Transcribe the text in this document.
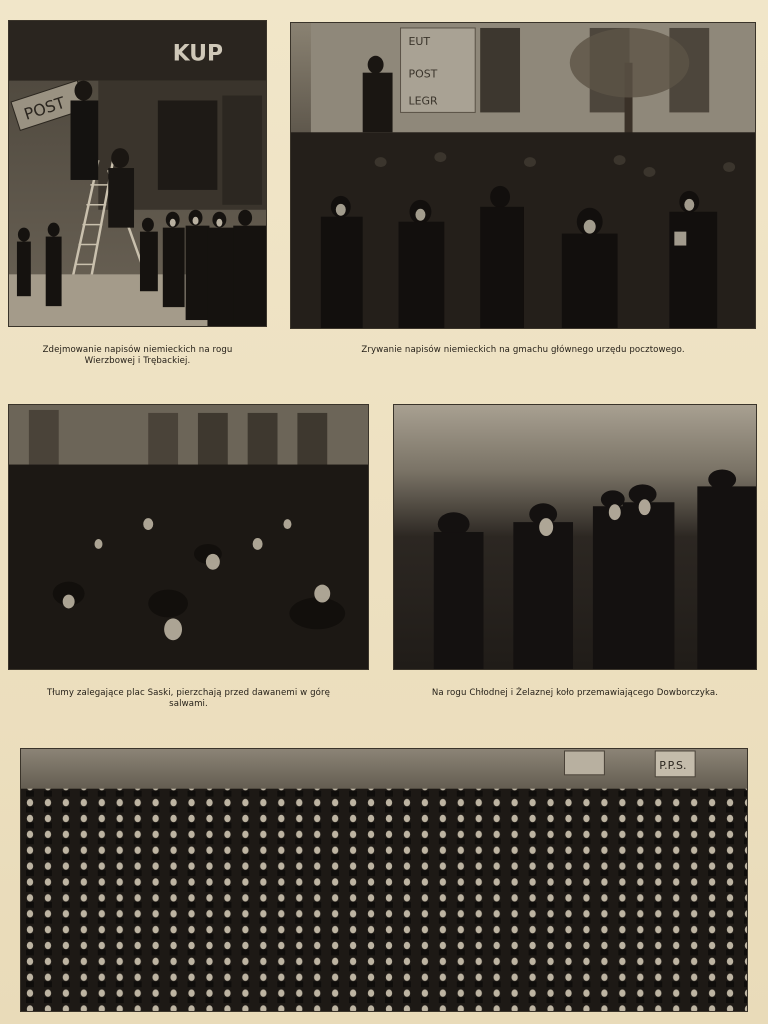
POST
KUP
Zdejmowanie napisów niemieckich na rogu
Wierzbowej i Trębackiej.
EUT
POST
LEGR
Zrywanie napisów niemieckich na gmachu głównego urzędu pocztowego.
Tłumy zalegające plac Saski, pierzchają przed dawanemi w górę
salwami.
Na rogu Chłodnej i Żelaznej koło przemawiającego Dowborczyka.
P.P.S.
